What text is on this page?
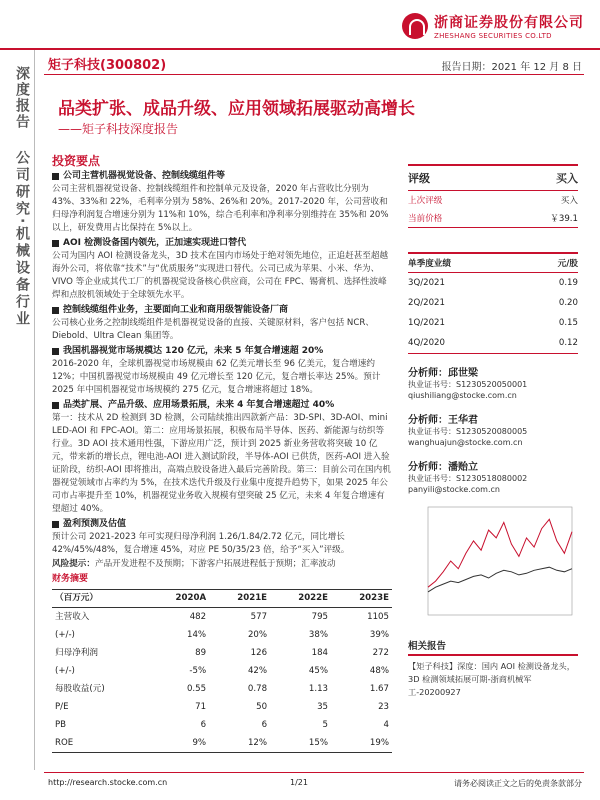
浙商证券股份有限公司
ZHESHANG SECURITIES CO.LTD
深度报告
公司研究·机械设备行业
矩子科技(300802)	报告日期：2021 年 12 月 8 日
品类扩张、成品升级、应用领域拓展驱动高增长
——矩子科技深度报告
投资要点
公司主营机器视觉设备、控制线缆组件等
公司主营机器视觉设备、控制线缆组件和控制单元及设备，2020 年占营收比分别为 43%、33%和 22%，毛利率分别为 58%、26%和 20%。2017-2020 年，公司营收和归母净利润复合增速分别为 11%和 10%，综合毛利率和净利率分别维持在 35%和 20%以上，研发费用占比保持在 5%以上。
AOI 检测设备国内领先，正加速实现进口替代
公司为国内 AOI 检测设备龙头，3D 技术在国内市场处于绝对领先地位，正追赶甚至超越海外公司，将依靠“技术”与“优质服务”实现进口替代。公司已成为苹果、小米、华为、VIVO 等企业成其代工厂的机器视觉设备核心供应商，公司在 FPC、锡膏机、选择性波峰焊和点胶机领域处于全球领先水平。
控制线缆组件业务，主要面向工业和商用级智能设备厂商
公司核心业务之控制线缆组件是机器视觉设备的直接、关键原材料，客户包括 NCR、Diebold、Ultra Clean 集团等。
我国机器视觉市场规模达 120 亿元，未来 5 年复合增速超 20%
2016-2020 年，全球机器视觉市场规模由 62 亿美元增长至 96 亿美元，复合增速约 12%；中国机器视觉市场规模由 49 亿元增长至 120 亿元，复合增长率达 25%。预计 2025 年中国机器视觉市场规模约 275 亿元，复合增速将超过 18%。
品类扩展、产品升级、应用场景拓展，未来 4 年复合增速超过 40%
第一：技术从 2D 检测到 3D 检测，公司陆续推出四款新产品：3D-SPI、3D-AOI、mini LED-AOI 和 FPC-AOI。第二：应用场景拓展，积极布局半导体、医药、新能源与纺织等行业。3D AOI 技术通用性强，下游应用广泛，预计到 2025 新业务营收将突破 10 亿元，带来新的增长点，锂电池-AOI 进入测试阶段，半导体-AOI 已供货，医药-AOI 进入验证阶段，纺织-AOI 即将推出，高端点胶设备进入最后完善阶段。第三：目前公司在国内机器视觉领域市占率约为 5%，在技术迭代升级及行业集中度提升趋势下，如果 2025 年公司市占率提升至 10%，机器视觉业务收入规模有望突破 25 亿元，未来 4 年复合增速有望超过 40%。
盈利预测及估值
预计公司 2021-2023 年可实现归母净利润 1.26/1.84/2.72 亿元，同比增长 42%/45%/48%，复合增速 45%，对应 PE 50/35/23 倍，给予“买入”评级。
风险提示：产品开发进程不及预期；下游客户拓展进程低于预期；汇率波动
财务摘要
（百万元）	2020A	2021E	2022E	2023E
主营收入	482	577	795	1105
(+/-)	14%	20%	38%	39%
归母净利润	89	126	184	272
(+/-)	-5%	42%	45%	48%
每股收益(元)	0.55	0.78	1.13	1.67
P/E	71	50	35	23
PB	6	6	5	4
ROE	9%	12%	15%	19%
评级	买入
上次评级	买入
当前价格	￥39.1
单季度业绩	元/股
3Q/2021	0.19
2Q/2021	0.20
1Q/2021	0.15
4Q/2020	0.12
分析师：邱世梁
执业证书号：S1230520050001
qiushiliang@stocke.com.cn
分析师：王华君
执业证书号：S1230520080005
wanghuajun@stocke.com.cn
分析师：潘贻立
执业证书号：S1230518080002
panyili@stocke.com.cn
相关报告
【矩子科技】深度：国内 AOI 检测设备龙头，3D 检测领域拓展可期-浙商机械军工-20200927
http://research.stocke.com.cn	1/21	请务必阅读正文之后的免责条款部分
